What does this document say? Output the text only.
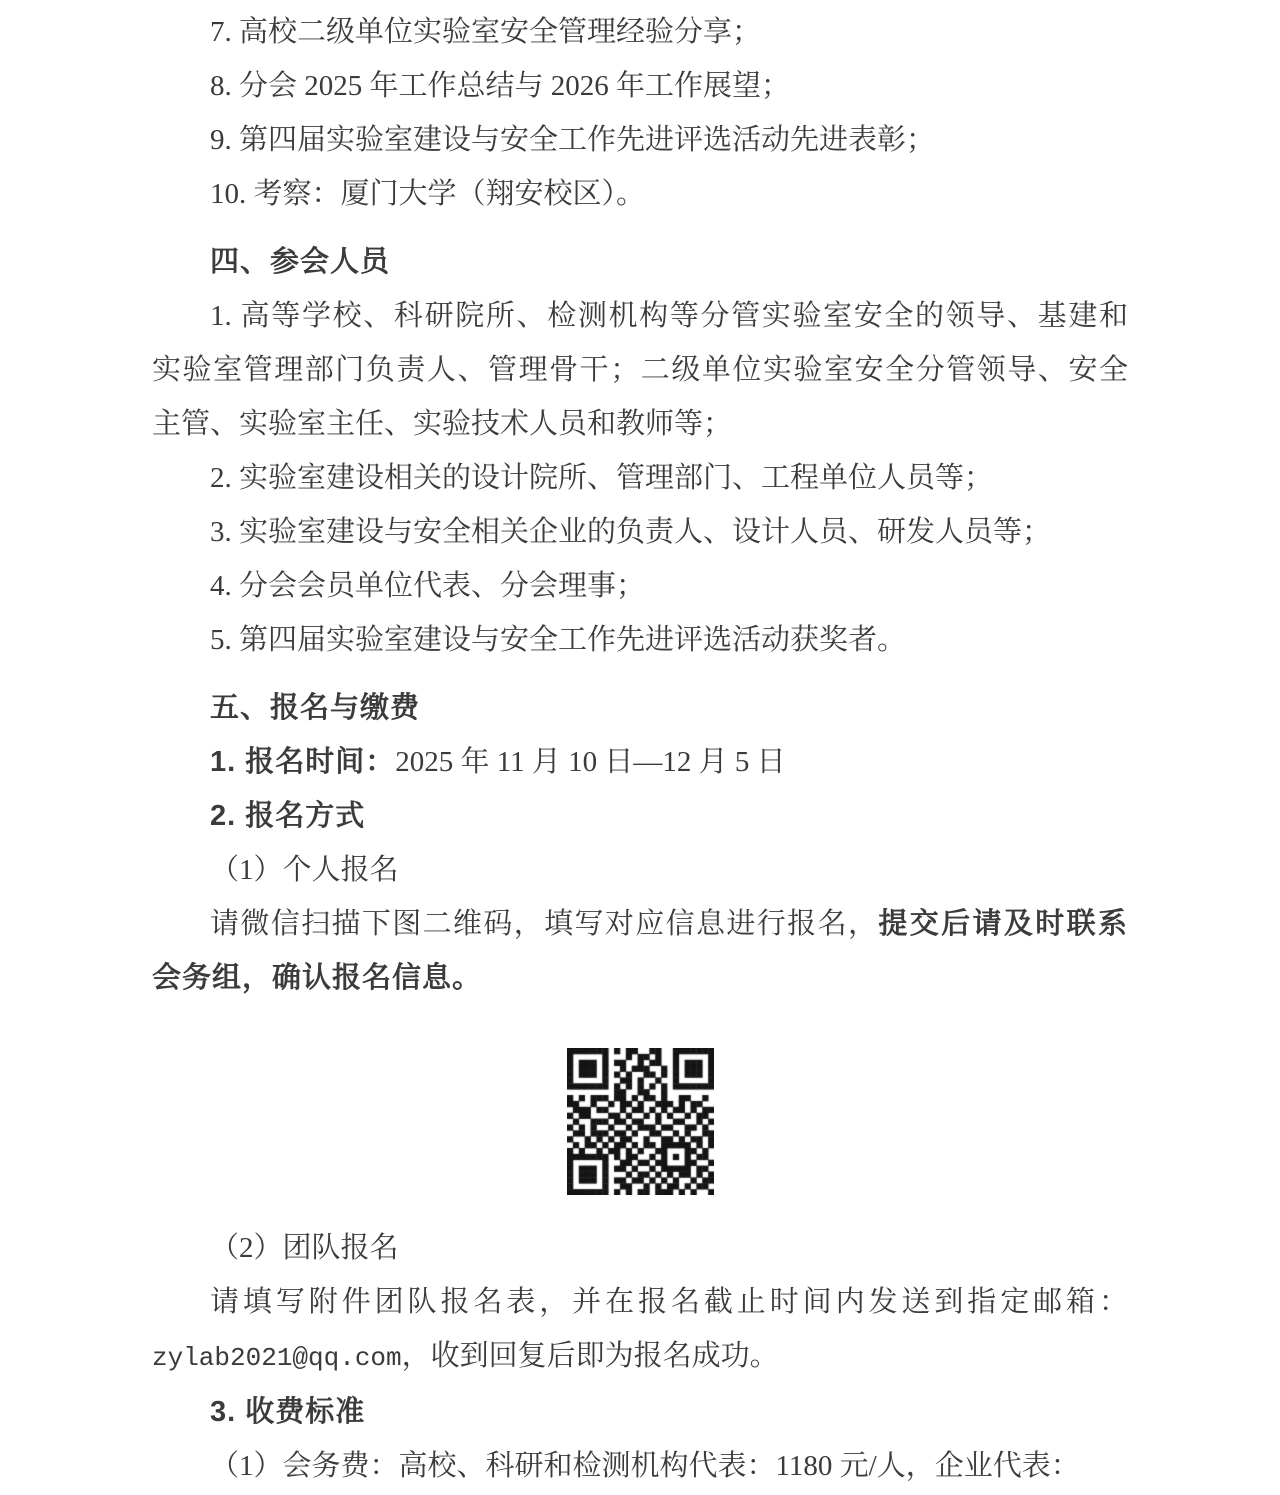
7. 高校二级单位实验室安全管理经验分享；
8. 分会 2025 年工作总结与 2026 年工作展望；
9. 第四届实验室建设与安全工作先进评选活动先进表彰；
10. 考察：厦门大学（翔安校区）。
四、参会人员
1. 高等学校、科研院所、检测机构等分管实验室安全的领导、基建和
实验室管理部门负责人、管理骨干；二级单位实验室安全分管领导、安全
主管、实验室主任、实验技术人员和教师等；
2. 实验室建设相关的设计院所、管理部门、工程单位人员等；
3. 实验室建设与安全相关企业的负责人、设计人员、研发人员等；
4. 分会会员单位代表、分会理事；
5. 第四届实验室建设与安全工作先进评选活动获奖者。
五、报名与缴费
1. 报名时间：2025 年 11 月 10 日—12 月 5 日
2. 报名方式
（1）个人报名
请微信扫描下图二维码，填写对应信息进行报名，提交后请及时联系
会务组，确认报名信息。
（2）团队报名
请填写附件团队报名表，并在报名截止时间内发送到指定邮箱：
zylab2021@qq.com，收到回复后即为报名成功。
3. 收费标准
（1）会务费：高校、科研和检测机构代表：1180 元/人，企业代表：
